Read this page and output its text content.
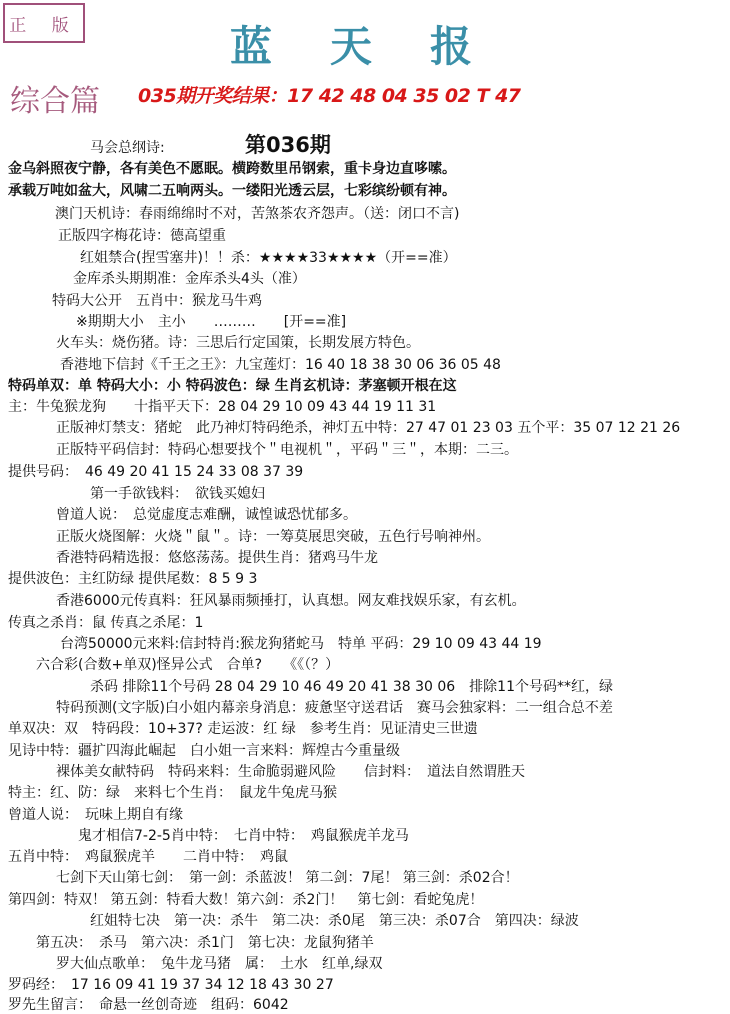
正 版	蓝天报
综合篇 035期开奖结果：17 42 48 04 35 02 T 47
第036期
马会总纲诗:
金乌斜照夜宁静，各有美色不愿眠。横跨数里吊钢索，重卡身边直哆嗦。
承载万吨如盆大，风啸二五响两头。一缕阳光透云层，七彩缤纷顿有神。
澳门天机诗：春雨绵绵时不对，苦煞茶农齐怨声。（送：闭口不言)
正版四字梅花诗：德高望重
红姐禁合(捏雪塞井)！！杀：★★★★33★★★★（开==准）
金库杀头期期准：金库杀头4头（准）
特码大公开　五肖中：猴龙马牛鸡
※期期大小　主小　　………　　[开==准]
火车头：烧伤猪。诗：三思后行定国策，长期发展方特色。
香港地下信封《千王之王》：九宝莲灯：16 40 18 38 30 06 36 05 48
特码单双：单 特码大小：小 特码波色：绿 生肖玄机诗：茅塞顿开根在这
主：牛兔猴龙狗　　十指平天下：28 04 29 10 09 43 44 19 11 31
正版神灯禁支：猪蛇　此乃神灯特码绝杀，神灯五中特：27 47 01 23 03 五个平：35 07 12 21 26
正版特平码信封：特码心想要找个＂电视机＂，平码＂三＂，本期：二三。
提供号码：　46 49 20 41 15 24 33 08 37 39
第一手欲钱料：　欲钱买媳妇
曾道人说：　总觉虚度志难酬，诚惶诚恐忧郁多。
正版火烧图解：火烧＂鼠＂。诗：一筹莫展思突破，五色行号响神州。
香港特码精选报：悠悠荡荡。提供生肖：猪鸡马牛龙
提供波色：主红防绿 提供尾数：8 5 9 3
香港6000元传真料：狂风暴雨频捶打，认真想。网友难找娱乐家，有玄机。
传真之杀肖：鼠 传真之杀尾：1
台湾50000元来料:信封特肖:猴龙狗猪蛇马　特单 平码：29 10 09 43 44 19
六合彩(合数+单双)怪异公式　合单?　　《《（？）
杀码 排除11个号码 28 04 29 10 46 49 20 41 38 30 06　排除11个号码**红，绿
特码预测(文字版)白小姐内幕亲身消息：疲惫坚守送君话　赛马会独家料：二一组合总不差
单双决：双　特码段：10+37? 走运波：红 绿　参考生肖：见证清史三世遗
见诗中特：疆扩四海此崛起　白小姐一言来料：辉煌古今重量级
裸体美女献特码　特码来料：生命脆弱避风险　　信封料：　道法自然谓胜天
特主：红、防：绿　来料七个生肖：　鼠龙牛兔虎马猴
曾道人说：　玩味上期自有缘
鬼才相信7-2-5肖中特：　七肖中特：　鸡鼠猴虎羊龙马
五肖中特：　鸡鼠猴虎羊　　二肖中特：　鸡鼠
七剑下天山第七剑：　第一剑：杀蓝波！ 第二剑：7尾！ 第三剑：杀02合！
第四剑：特双！ 第五剑：特看大数！第六剑：杀2门！　第七剑：看蛇兔虎！
红姐特七决　第一决：杀牛　第二决：杀0尾　第三决：杀07合　第四决：绿波
第五决：　杀马　第六决：杀1门　第七决：龙鼠狗猪羊
罗大仙点歌单：　兔牛龙马猪　属：　土水　红单,绿双
罗码经：　17 16 09 41 19 37 34 12 18 43 30 27
罗先生留言：　命悬一丝创奇迹　组码：6042
